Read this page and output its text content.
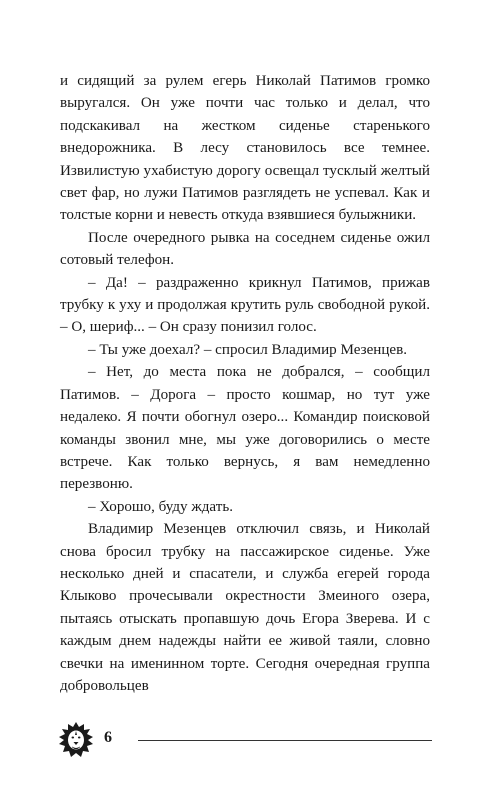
и сидящий за рулем егерь Николай Патимов громко выругался. Он уже почти час только и делал, что подскакивал на жестком сиденье старенького внедорожника. В лесу становилось все темнее. Извилистую ухабистую дорогу освещал тусклый желтый свет фар, но лужи Патимов разглядеть не успевал. Как и толстые корни и невесть откуда взявшиеся булыжники.

После очередного рывка на соседнем сиденье ожил сотовый телефон.

– Да! – раздраженно крикнул Патимов, прижав трубку к уху и продолжая крутить руль свободной рукой. – О, шериф... – Он сразу понизил голос.

– Ты уже доехал? – спросил Владимир Мезенцев.

– Нет, до места пока не добрался, – сообщил Патимов. – Дорога – просто кошмар, но тут уже недалеко. Я почти обогнул озеро... Командир поисковой команды звонил мне, мы уже договорились о месте встрече. Как только вернусь, я вам немедленно перезвоню.

– Хорошо, буду ждать.

Владимир Мезенцев отключил связь, и Николай снова бросил трубку на пассажирское сиденье. Уже несколько дней и спасатели, и служба егерей города Клыково прочесывали окрестности Змеиного озера, пытаясь отыскать пропавшую дочь Егора Зверева. И с каждым днем надежды найти ее живой таяли, словно свечки на именинном торте. Сегодня очередная группа добровольцев

6
